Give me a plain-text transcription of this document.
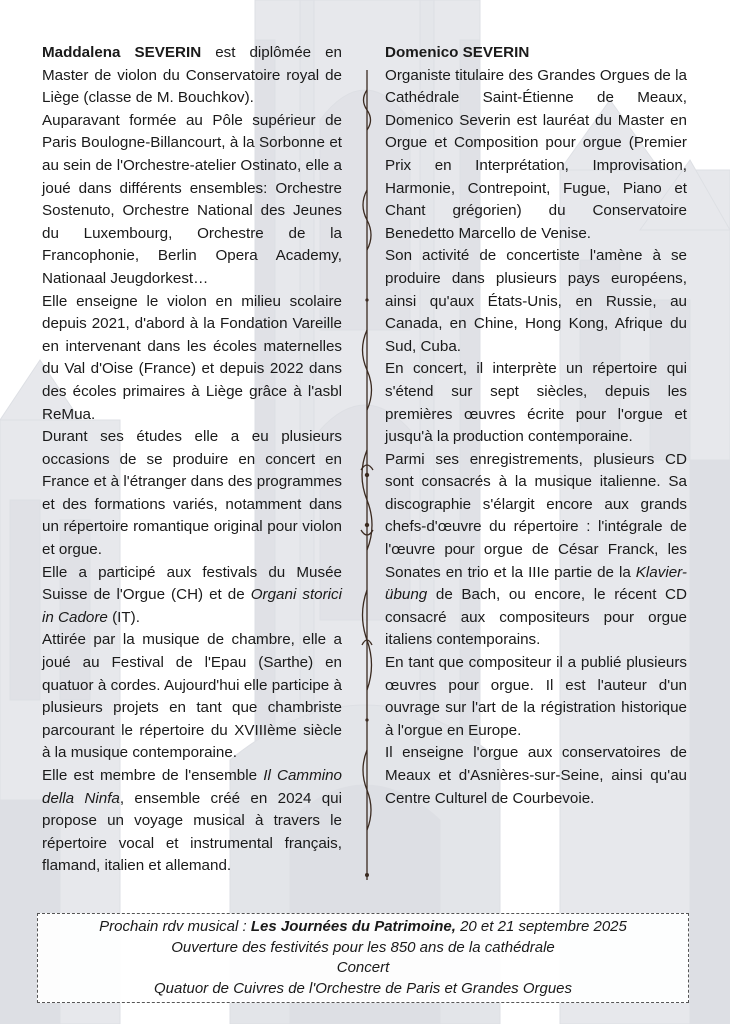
Maddalena SEVERIN est diplômée en Master de violon du Conservatoire royal de Liège (classe de M. Bouchkov).

Auparavant formée au Pôle supérieur de Paris Boulogne-Billancourt, à la Sorbonne et au sein de l'Orchestre-atelier Ostinato, elle a joué dans différents ensembles: Orchestre Sostenuto, Orchestre National des Jeunes du Luxembourg, Orchestre de la Francophonie, Berlin Opera Academy, Nationaal Jeugdorkest…

Elle enseigne le violon en milieu scolaire depuis 2021, d'abord à la Fondation Vareille en intervenant dans les écoles maternelles du Val d'Oise (France) et depuis 2022 dans des écoles primaires à Liège grâce à l'asbl ReMua.

Durant ses études elle a eu plusieurs occasions de se produire en concert en France et à l'étranger dans des programmes et des formations variés, notamment dans un répertoire romantique original pour violon et orgue.

Elle a participé aux festivals du Musée Suisse de l'Orgue (CH) et de Organi storici in Cadore (IT).

Attirée par la musique de chambre, elle a joué au Festival de l'Epau (Sarthe) en quatuor à cordes. Aujourd'hui elle participe à plusieurs projets en tant que chambriste parcourant le répertoire du XVIIIème siècle à la musique contemporaine.

Elle est membre de l'ensemble Il Cammino della Ninfa, ensemble créé en 2024 qui propose un voyage musical à travers le répertoire vocal et instrumental français, flamand, italien et allemand.

Domenico SEVERIN

Organiste titulaire des Grandes Orgues de la Cathédrale Saint-Étienne de Meaux, Domenico Severin est lauréat du Master en Orgue et Composition pour orgue (Premier Prix en Interprétation, Improvisation, Harmonie, Contrepoint, Fugue, Piano et Chant grégorien) du Conservatoire Benedetto Marcello de Venise.

Son activité de concertiste l'amène à se produire dans plusieurs pays européens, ainsi qu'aux États-Unis, en Russie, au Canada, en Chine, Hong Kong, Afrique du Sud, Cuba.

En concert, il interprète un répertoire qui s'étend sur sept siècles, depuis les premières œuvres écrite pour l'orgue et jusqu'à la production contemporaine.

Parmi ses enregistrements, plusieurs CD sont consacrés à la musique italienne. Sa discographie s'élargit encore aux grands chefs-d'œuvre du répertoire : l'intégrale de l'œuvre pour orgue de César Franck, les Sonates en trio et la IIIe partie de la Klavier-übung de Bach, ou encore, le récent CD consacré aux compositeurs pour orgue italiens contemporains.

En tant que compositeur il a publié plusieurs œuvres pour orgue. Il est l'auteur d'un ouvrage sur l'art de la régistration historique à l'orgue en Europe.

Il enseigne l'orgue aux conservatoires de Meaux et d'Asnières-sur-Seine, ainsi qu'au Centre Culturel de Courbevoie.

Prochain rdv musical : Les Journées du Patrimoine, 20 et 21 septembre 2025
Ouverture des festivités pour les 850 ans de la cathédrale
Concert
Quatuor de Cuivres de l'Orchestre de Paris et Grandes Orgues
